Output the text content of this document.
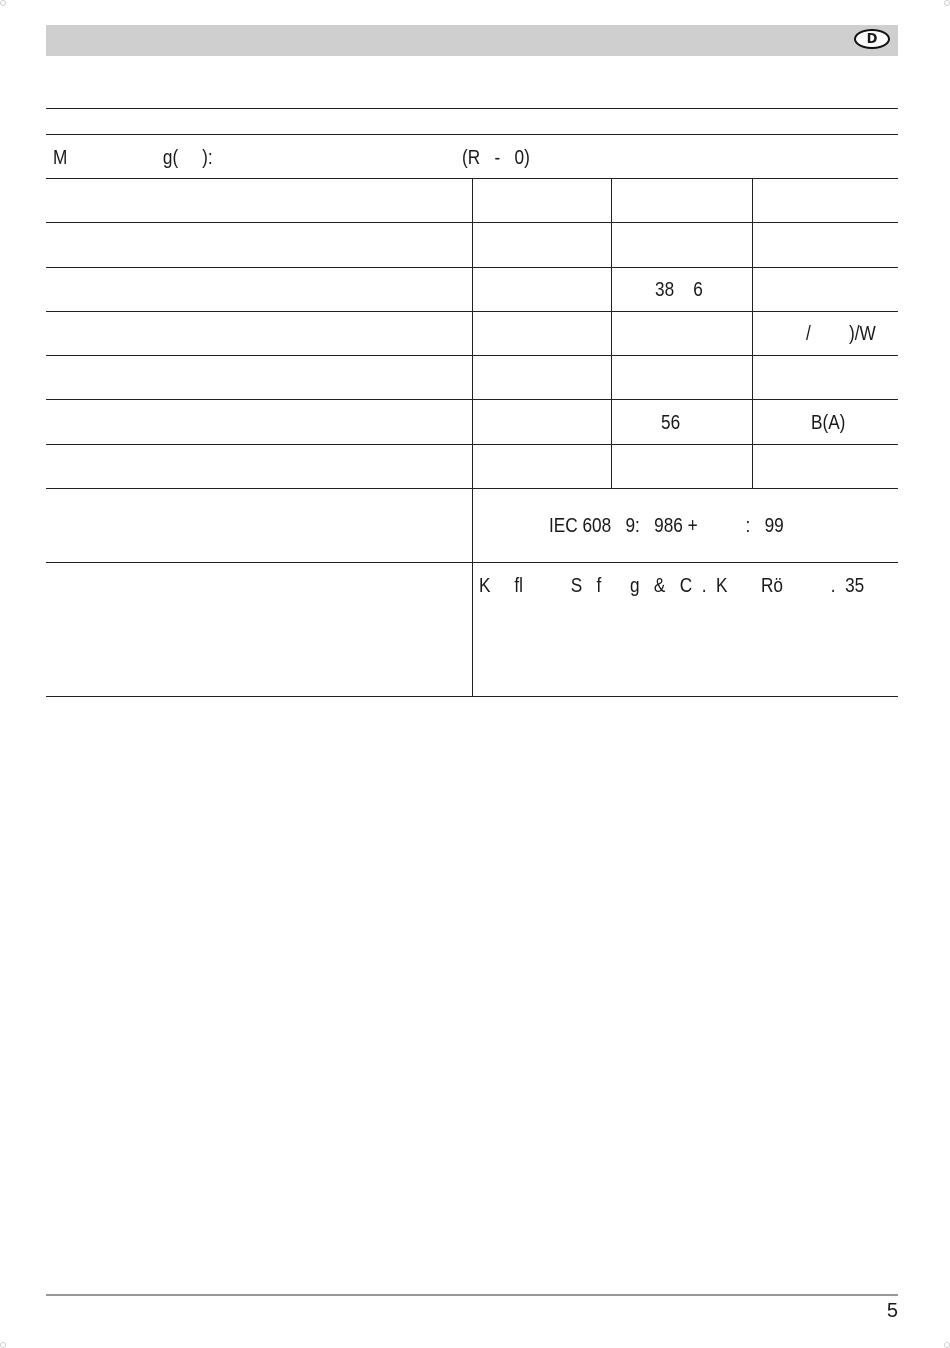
D
M                    g(     ):	(R   -   0)
38    6
/        )/W
56	B(A)
IEC 608   9:   986 +          :   99
K     fl          S   f      g   &   C  .  K       Rö          .  35
5
